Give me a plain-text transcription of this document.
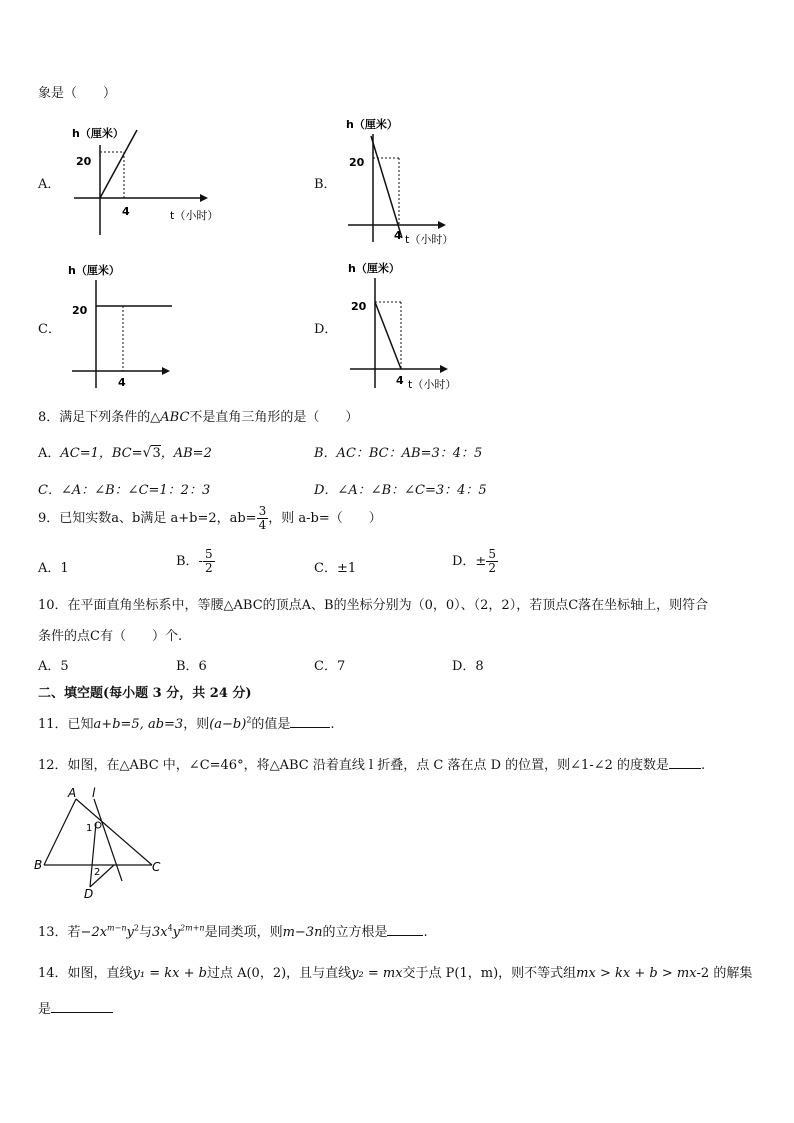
象是（　　）
A．
h（厘米）
20
4	t（小时）
B．
h（厘米）
20
4 t（小时）
C．
h（厘米）
20
4
D．
h（厘米）
20
4 t（小时）
8．满足下列条件的△ABC不是直角三角形的是（　　）
A．AC=1，BC=√3，AB=2	B．AC：BC：AB=3：4：5
C．∠A：∠B：∠C=1：2：3	D．∠A：∠B：∠C=3：4：5
9．已知实数a、b满足 a+b=2，$ab= \frac{3}{4}$ ，则 a-b=（　　）
A．1	B．- $\frac{5}{2}$	C．±1	D．± $\frac{5}{2}$
10．在平面直角坐标系中，等腰△ABC的顶点A、B的坐标分别为（0，0）、（2，2），若顶点C落在坐标轴上，则符合
条件的点C有（　　）个.
A．5	B．6	C．7	D．8
二、填空题(每小题 3 分，共 24 分)
11．已知a+b=5, ab=3，则$(a-b)^2$的值是	.
12．如图，在△ABC 中，∠C=46°，将△ABC 沿着直线 l 折叠，点 C 落在点 D 的位置，则∠1-∠2 的度数是 .
A
B	C
D
l
1
2
13．若$-2x^{m-n}y^2$与$3x^4y^{2m+n}$是同类项，则m−3n的立方根是	.
14．如图，直线y₁ = kx + b过点 A(0，2)，且与直线y₂ = mx交于点 P(1，m)，则不等式组mx > kx + b > mx-2 的解集
是
